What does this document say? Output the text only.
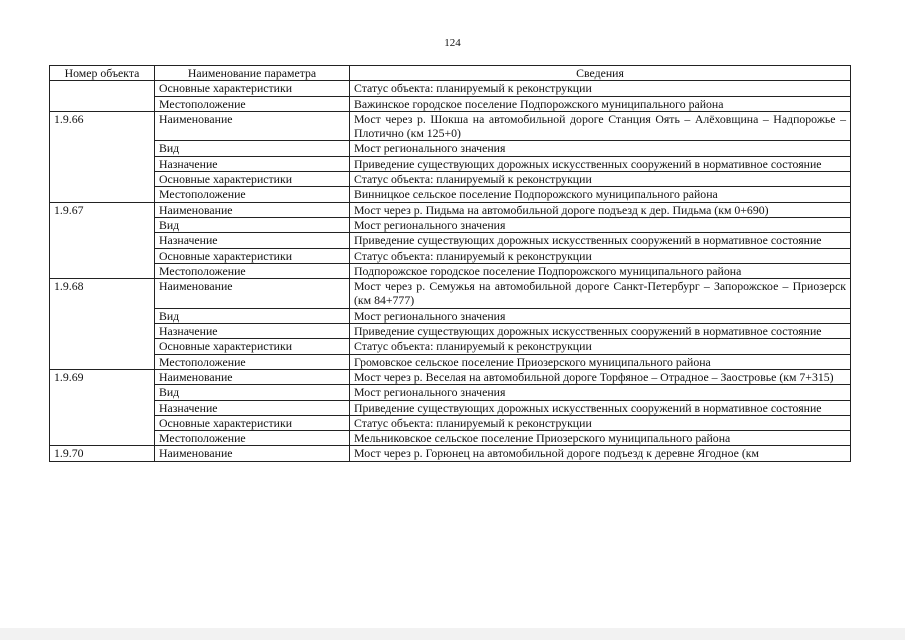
124
Номер объекта	Наименование параметра	Сведения
	Основные характеристики	Статус объекта: планируемый к реконструкции
	Местоположение	Важинское городское поселение Подпорожского муниципального района
1.9.66	Наименование	Мост через р. Шокша на автомобильной дороге Станция Оять – Алёховщина – Надпорожье – Плотично (км 125+0)
	Вид	Мост регионального значения
	Назначение	Приведение существующих дорожных искусственных сооружений в нормативное состояние
	Основные характеристики	Статус объекта: планируемый к реконструкции
	Местоположение	Винницкое сельское поселение Подпорожского муниципального района
1.9.67	Наименование	Мост через р. Пидьма на автомобильной дороге подъезд к дер. Пидьма (км 0+690)
	Вид	Мост регионального значения
	Назначение	Приведение существующих дорожных искусственных сооружений в нормативное состояние
	Основные характеристики	Статус объекта: планируемый к реконструкции
	Местоположение	Подпорожское городское поселение Подпорожского муниципального района
1.9.68	Наименование	Мост через р. Семужья на автомобильной дороге Санкт-Петербург – Запорожское – Приозерск (км 84+777)
	Вид	Мост регионального значения
	Назначение	Приведение существующих дорожных искусственных сооружений в нормативное состояние
	Основные характеристики	Статус объекта: планируемый к реконструкции
	Местоположение	Громовское сельское поселение Приозерского муниципального района
1.9.69	Наименование	Мост через р. Веселая на автомобильной дороге Торфяное – Отрадное – Заостровье (км 7+315)
	Вид	Мост регионального значения
	Назначение	Приведение существующих дорожных искусственных сооружений в нормативное состояние
	Основные характеристики	Статус объекта: планируемый к реконструкции
	Местоположение	Мельниковское сельское поселение Приозерского муниципального района
1.9.70	Наименование	Мост через р. Горюнец на автомобильной дороге подъезд к деревне Ягодное (км
